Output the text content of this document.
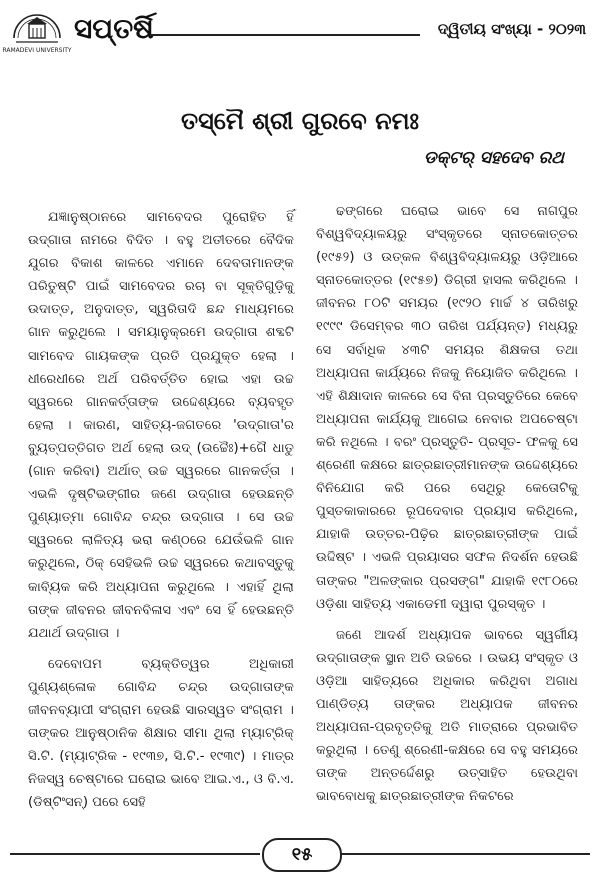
RAMADEVI UNIVERSITY
ସପ୍ତର୍ଷି	ଦ୍ୱିତୀୟ ସଂଖ୍ୟା - ୨୦୨୩
ତସ୍ମୈ ଶ୍ରୀ ଗୁରବେ ନମଃ
ଡକ୍ଟର୍ ସହଦେବ ରଥ

ଯଜ୍ଞାନୁଷ୍ଠାନରେ ସାମବେଦର ପୁରୋହିତ ହିଁ ଉଦ୍‌ଗାତା ନାମରେ ବିଦିତ । ବହୁ ଅତୀତରେ ବୈଦିକ ଯୁଗର ବିକାଶ କାଳରେ ଏମାନେ ଦେବତାମାନଙ୍କ ପରିତୁଷ୍ଟି ପାଇଁ ସାମବେଦର ରଚା ବା ସୂକ୍ତିଗୁଡ଼ିକୁ ଉଦାତ୍ତ, ଅନୁଦାତ୍ତ, ସ୍ୱରିତାଦି ଛନ୍ଦ ମାଧ୍ୟମରେ ଗାନ କରୁଥିଲେ । ସମୟାନୁକ୍ରମେ ଉଦ୍‌ଗାତା ଶବ୍ଦଟି ସାମବେଦ ଗାୟକଙ୍କ ପ୍ରତି ପ୍ରଯୁକ୍ତ ହେଲା । ଧୀରେଧୀରେ ଅର୍ଥ ପରିବର୍ତ୍ତିତ ହୋଇ ଏହା ଉଚ୍ଚ ସ୍ୱରରେ ଗାନକର୍ତ୍ତାଙ୍କ ଉଦ୍ଦେଶ୍ୟରେ ବ୍ୟବହୃତ ହେଲା । କାରଣ, ସାହିତ୍ୟ-ଜଗତରେ 'ଉଦ୍‌ଗାତା'ର ବ୍ୟୁତ୍ପତ୍ତିଗତ ଅର୍ଥ ହେଲା ଉଦ୍ (ଉଚ୍ଚୈଃ)+ଗୈ ଧାତୁ (ଗାନ କରିବା) ଅର୍ଥାତ୍ ଉଚ୍ଚ ସ୍ୱରରେ ଗାନକର୍ତ୍ତା । ଏଭଳି ଦୃଷ୍ଟିଭଙ୍ଗୀର ଜଣେ ଉଦ୍‌ଗାତା ହେଉଛନ୍ତି ପୁଣ୍ୟାତ୍ମା ଗୋବିନ୍ଦ ଚନ୍ଦ୍ର ଉଦ୍‌ଗାତା । ସେ ଉଚ୍ଚ ସ୍ୱରରେ ଲାଳିତ୍ୟ ଭରା କଣ୍ଠରେ ଯେଉଁଭଳି ଗାନ କରୁଥିଲେ, ଠିକ୍ ସେହିଭଳି ଉଚ୍ଚ ସ୍ୱରରେ କଥାବସ୍ତୁକୁ କାବ୍ୟିକ କରି ଅଧ୍ୟାପନା କରୁଥିଲେ । ଏହାହିଁ ଥିଲା ତାଙ୍କ ଜୀବନର ଜୀବନବିଳାସ ଏବଂ ସେ ହିଁ ହେଉଛନ୍ତି ଯଥାର୍ଥ ଉଦ୍‌ଗାତା ।

ଦେବୋପମ ବ୍ୟକ୍ତିତ୍ୱର ଅଧିକାରୀ ପୁଣ୍ୟଶ୍ଳୋକ ଗୋବିନ୍ଦ ଚନ୍ଦ୍ର ଉଦ୍‌ଗାତାଙ୍କ ଜୀବନବ୍ୟାପୀ ସଂଗ୍ରାମ ହେଉଛି ସାରସ୍ୱତ ସଂଗ୍ରାମ । ତାଙ୍କର ଆନୁଷ୍ଠାନିକ ଶିକ୍ଷାର ସୀମା ଥିଲା ମ୍ୟାଟ୍ରିକ୍ ସି.ଟି. (ମ୍ୟାଟ୍ରିକ - ୧୯୩୭, ସି.ଟି.- ୧୯୩୯) । ମାତ୍ର ନିଜସ୍ୱ ଚେଷ୍ଟାରେ ଘରୋଇ ଭାବେ ଆଇ.ଏ., ଓ ବି.ଏ. (ଡିଷ୍ଟିଂସନ୍) ପରେ ସେହି

ଢଙ୍ଗରେ ଘରୋଇ ଭାବେ ସେ ନାଗପୁର ବିଶ୍ୱବିଦ୍ୟାଳୟରୁ ସଂସ୍କୃତରେ ସ୍ନାତକୋତ୍ତର (୧୯୫୨) ଓ ଉତ୍କଳ ବିଶ୍ୱବିଦ୍ୟାଳୟରୁ ଓଡ଼ିଆରେ ସ୍ନାତକୋତ୍ତର (୧୯୫୭) ଡିଗ୍ରୀ ହାସଲ କରିଥିଲେ । ଜୀବନର ୮୦ଟି ସମୟର (୧୯୨୦ ମାର୍ଚ୍ଚ ୪ ତାରିଖରୁ ୧୯୯୯ ଡିସେମ୍ବର ୩୦ ତାରିଖ ପର୍ଯ୍ୟନ୍ତ) ମଧ୍ୟରୁ ସେ ସର୍ବାଧିକ ୪୩ଟି ସମୟର ଶିକ୍ଷକତା ତଥା ଅଧ୍ୟାପନା କାର୍ଯ୍ୟରେ ନିଜକୁ ନିୟୋଜିତ କରିଥିଲେ । ଏହି ଶିକ୍ଷାଦାନ କାଳରେ ସେ ବିନା ପ୍ରସ୍ତୁତିରେ କେବେ ଅଧ୍ୟାପନା କାର୍ଯ୍ୟକୁ ଆଗେଇ ନେବାର ଅପଚେଷ୍ଟା କରି ନଥିଲେ । ବରଂ ପ୍ରସ୍ତୁତି- ପ୍ରସୂତ- ଫଳକୁ ସେ ଶ୍ରେଣୀ କକ୍ଷରେ ଛାତ୍ରଛାତ୍ରୀମାନଙ୍କ ଉଦ୍ଦେଶ୍ୟରେ ବିନିଯୋଗ କରି ପରେ ସେଥିରୁ କେତୋଟିକୁ ପୁସ୍ତକାକାରରେ ରୂପଦେବାର ପ୍ରୟାସ କରିଥିଲେ, ଯାହାକି ଉତ୍ତର-ପିଢ଼ିର ଛାତ୍ରଛାତ୍ରୀଙ୍କ ପାଇଁ ଉଦ୍ଦିଷ୍ଟ । ଏଭଳି ପ୍ରୟାସର ସଫଳ ନିଦର୍ଶନ ହେଉଛି ତାଙ୍କର "ଅଳଙ୍କାର ପ୍ରସଙ୍ଗ" ଯାହାକି ୧୯୮୦ରେ ଓଡ଼ିଶା ସାହିତ୍ୟ ଏକାଡେମୀ ଦ୍ୱାରା ପୁରସ୍କୃତ ।

ଜଣେ ଆଦର୍ଶ ଅଧ୍ୟାପକ ଭାବରେ ସ୍ୱର୍ଗୀୟ ଉଦ୍‌ଗାତାଙ୍କ ସ୍ଥାନ ଅତି ଉଚ୍ଚରେ । ଉଭୟ ସଂସ୍କୃତ ଓ ଓଡ଼ିଆ ସାହିତ୍ୟରେ ଅଧିକାର କରିଥିବା ଅଗାଧ ପାଣ୍ଡିତ୍ୟ ତାଙ୍କର ଅଧ୍ୟାପକ ଜୀବନର ଅଧ୍ୟାପନା-ପ୍ରବୃତ୍ତିକୁ ଅତି ମାତ୍ରାରେ ପ୍ରଭାବିତ କରୁଥିଲା । ତେଣୁ ଶ୍ରେଣୀ-କକ୍ଷରେ ସେ ବହୁ ସମୟରେ ତାଙ୍କ ଅନ୍ତର୍ଦ୍ଦେଶରୁ ଉତ୍ସାହିତ ହେଉଥିବା ଭାବବୋଧକୁ ଛାତ୍ରଛାତ୍ରୀଙ୍କ ନିକଟରେ

୧୫
